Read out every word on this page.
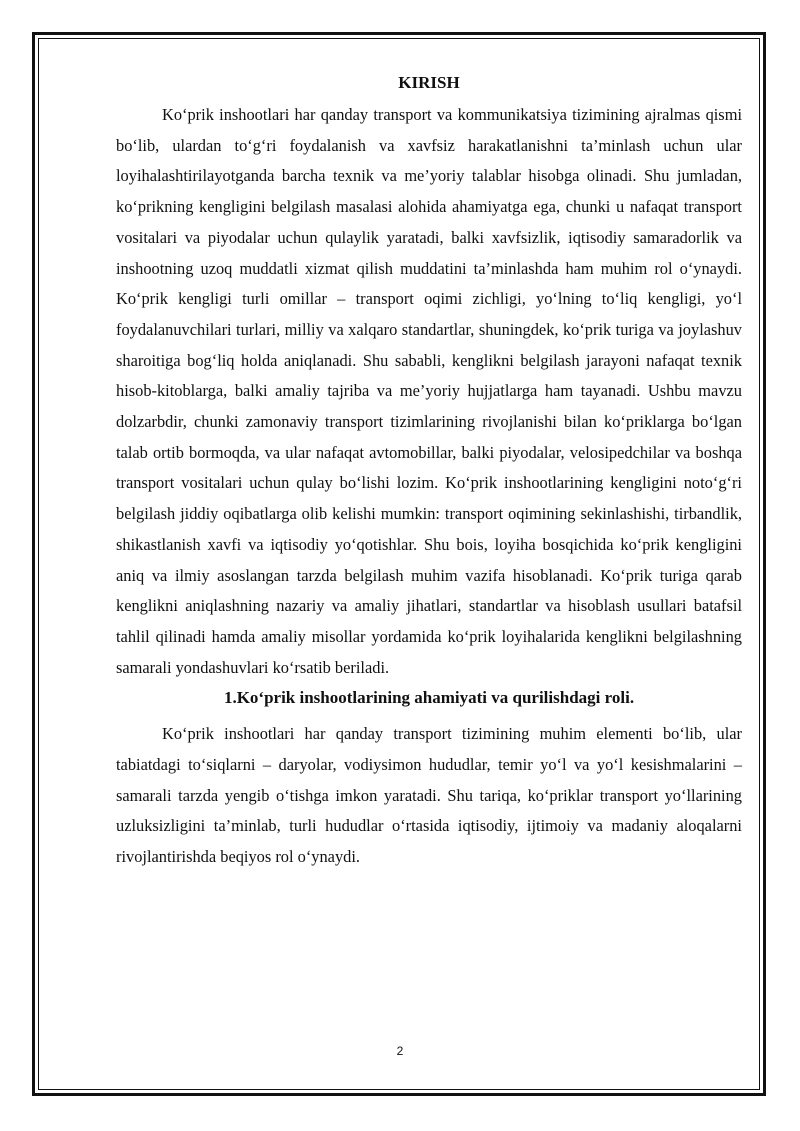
KIRISH

Ko‘prik inshootlari har qanday transport va kommunikatsiya tizimining ajralmas qismi bo‘lib, ulardan to‘g‘ri foydalanish va xavfsiz harakatlanishni ta’minlash uchun ular loyihalashtirilayotganda barcha texnik va me’yoriy talablar hisobga olinadi. Shu jumladan, ko‘prikning kengligini belgilash masalasi alohida ahamiyatga ega, chunki u nafaqat transport vositalari va piyodalar uchun qulaylik yaratadi, balki xavfsizlik, iqtisodiy samaradorlik va inshootning uzoq muddatli xizmat qilish muddatini ta’minlashda ham muhim rol o‘ynaydi. Ko‘prik kengligi turli omillar – transport oqimi zichligi, yo‘lning to‘liq kengligi, yo‘l foydalanuvchilari turlari, milliy va xalqaro standartlar, shuningdek, ko‘prik turiga va joylashuv sharoitiga bog‘liq holda aniqlanadi. Shu sababli, kenglikni belgilash jarayoni nafaqat texnik hisob-kitoblarga, balki amaliy tajriba va me’yoriy hujjatlarga ham tayanadi. Ushbu mavzu dolzarbdir, chunki zamonaviy transport tizimlarining rivojlanishi bilan ko‘priklarga bo‘lgan talab ortib bormoqda, va ular nafaqat avtomobillar, balki piyodalar, velosipedchilar va boshqa transport vositalari uchun qulay bo‘lishi lozim. Ko‘prik inshootlarining kengligini noto‘g‘ri belgilash jiddiy oqibatlarga olib kelishi mumkin: transport oqimining sekinlashishi, tirbandlik, shikastlanish xavfi va iqtisodiy yo‘qotishlar. Shu bois, loyiha bosqichida ko‘prik kengligini aniq va ilmiy asoslangan tarzda belgilash muhim vazifa hisoblanadi. Ko‘prik turiga qarab kenglikni aniqlashning nazariy va amaliy jihatlari, standartlar va hisoblash usullari batafsil tahlil qilinadi hamda amaliy misollar yordamida ko‘prik loyihalarida kenglikni belgilashning samarali yondashuvlari ko‘rsatib beriladi.

1.Ko‘prik inshootlarining ahamiyati va qurilishdagi roli.

Ko‘prik inshootlari har qanday transport tizimining muhim elementi bo‘lib, ular tabiatdagi to‘siqlarni – daryolar, vodiysimon hududlar, temir yo‘l va yo‘l kesishmalarini – samarali tarzda yengib o‘tishga imkon yaratadi. Shu tariqa, ko‘priklar transport yo‘llarining uzluksizligini ta’minlab, turli hududlar o‘rtasida iqtisodiy, ijtimoiy va madaniy aloqalarni rivojlantirishda beqiyos rol o‘ynaydi.

2
